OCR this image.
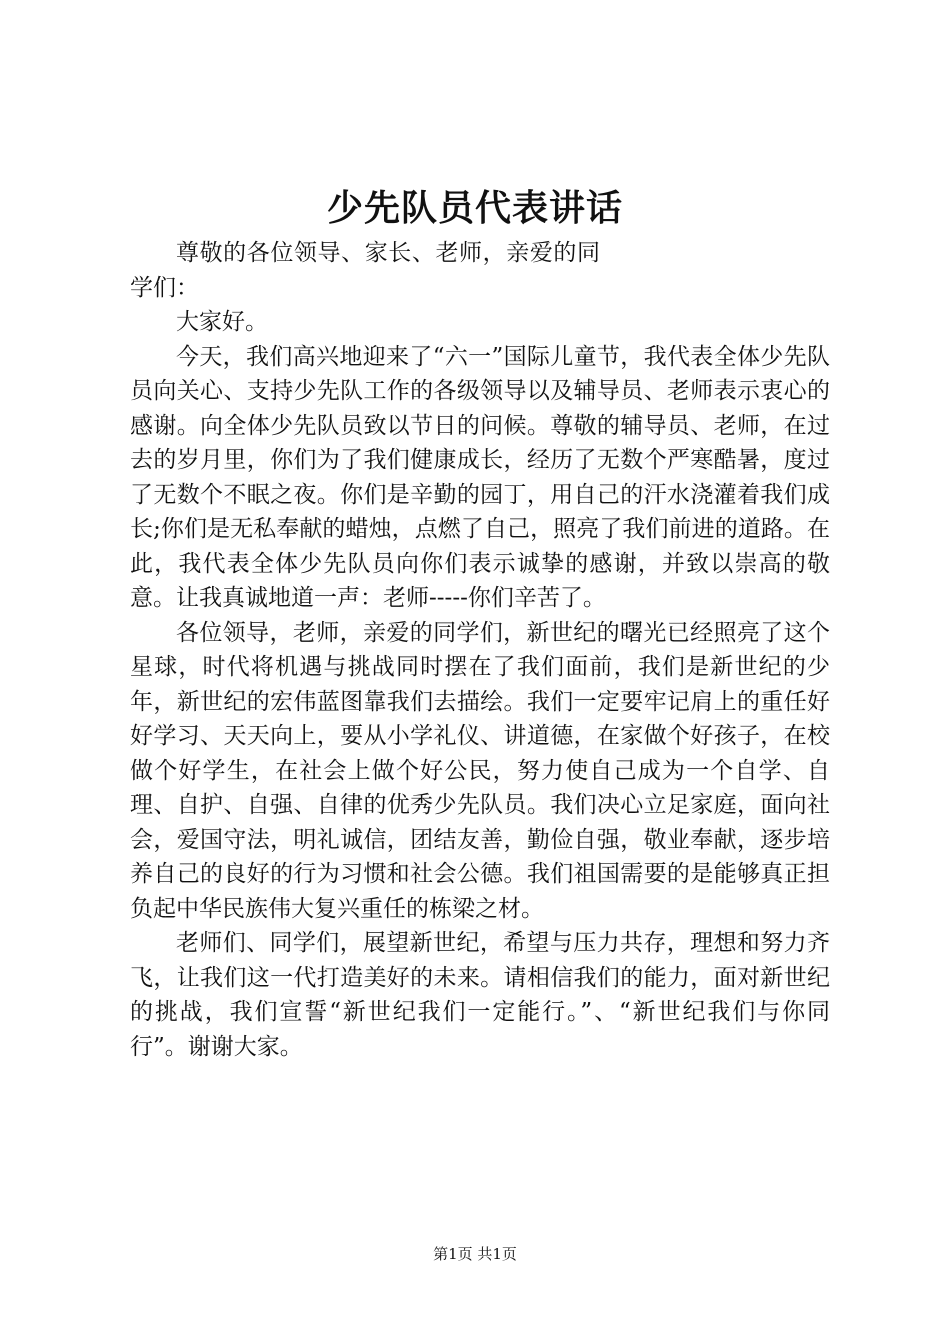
少先队员代表讲话

尊敬的各位领导、家长、老师，亲爱的同学们：

大家好。

今天，我们高兴地迎来了“六一”国际儿童节，我代表全体少先队员向关心、支持少先队工作的各级领导以及辅导员、老师表示衷心的感谢。向全体少先队员致以节日的问候。尊敬的辅导员、老师，在过去的岁月里，你们为了我们健康成长，经历了无数个严寒酷暑，度过了无数个不眠之夜。你们是辛勤的园丁，用自己的汗水浇灌着我们成长;你们是无私奉献的蜡烛，点燃了自己，照亮了我们前进的道路。在此，我代表全体少先队员向你们表示诚挚的感谢，并致以崇高的敬意。让我真诚地道一声：老师-----你们辛苦了。

各位领导，老师，亲爱的同学们，新世纪的曙光已经照亮了这个星球，时代将机遇与挑战同时摆在了我们面前，我们是新世纪的少年，新世纪的宏伟蓝图靠我们去描绘。我们一定要牢记肩上的重任好好学习、天天向上，要从小学礼仪、讲道德，在家做个好孩子，在校做个好学生，在社会上做个好公民，努力使自己成为一个自学、自理、自护、自强、自律的优秀少先队员。我们决心立足家庭，面向社会，爱国守法，明礼诚信，团结友善，勤俭自强，敬业奉献，逐步培养自己的良好的行为习惯和社会公德。我们祖国需要的是能够真正担负起中华民族伟大复兴重任的栋梁之材。

老师们、同学们，展望新世纪，希望与压力共存，理想和努力齐飞，让我们这一代打造美好的未来。请相信我们的能力，面对新世纪的挑战，我们宣誓“新世纪我们一定能行。”、“新世纪我们与你同行”。谢谢大家。

第1页 共1页
